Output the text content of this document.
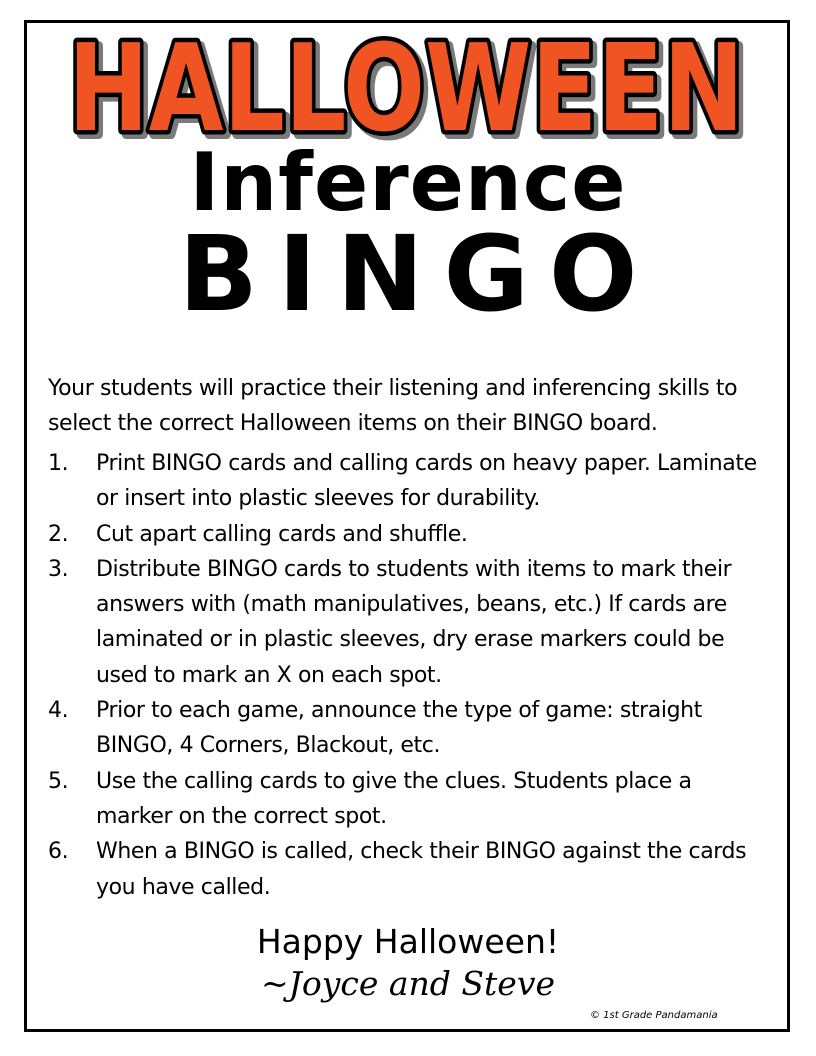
HALLOWEEN
HALLOWEEN
HALLOWEEN
Inference
BINGO
Your students will practice their listening and inferencing skills to select the correct Halloween items on their BINGO board.
1. Print BINGO cards and calling cards on heavy paper. Laminate or insert into plastic sleeves for durability.
2. Cut apart calling cards and shuffle.
3. Distribute BINGO cards to students with items to mark their answers with (math manipulatives, beans, etc.) If cards are laminated or in plastic sleeves, dry erase markers could be used to mark an X on each spot.
4. Prior to each game, announce the type of game: straight BINGO, 4 Corners, Blackout, etc.
5. Use the calling cards to give the clues. Students place a marker on the correct spot.
6. When a BINGO is called, check their BINGO against the cards you have called.
Happy Halloween!
~Joyce and Steve
© 1st Grade Pandamania
